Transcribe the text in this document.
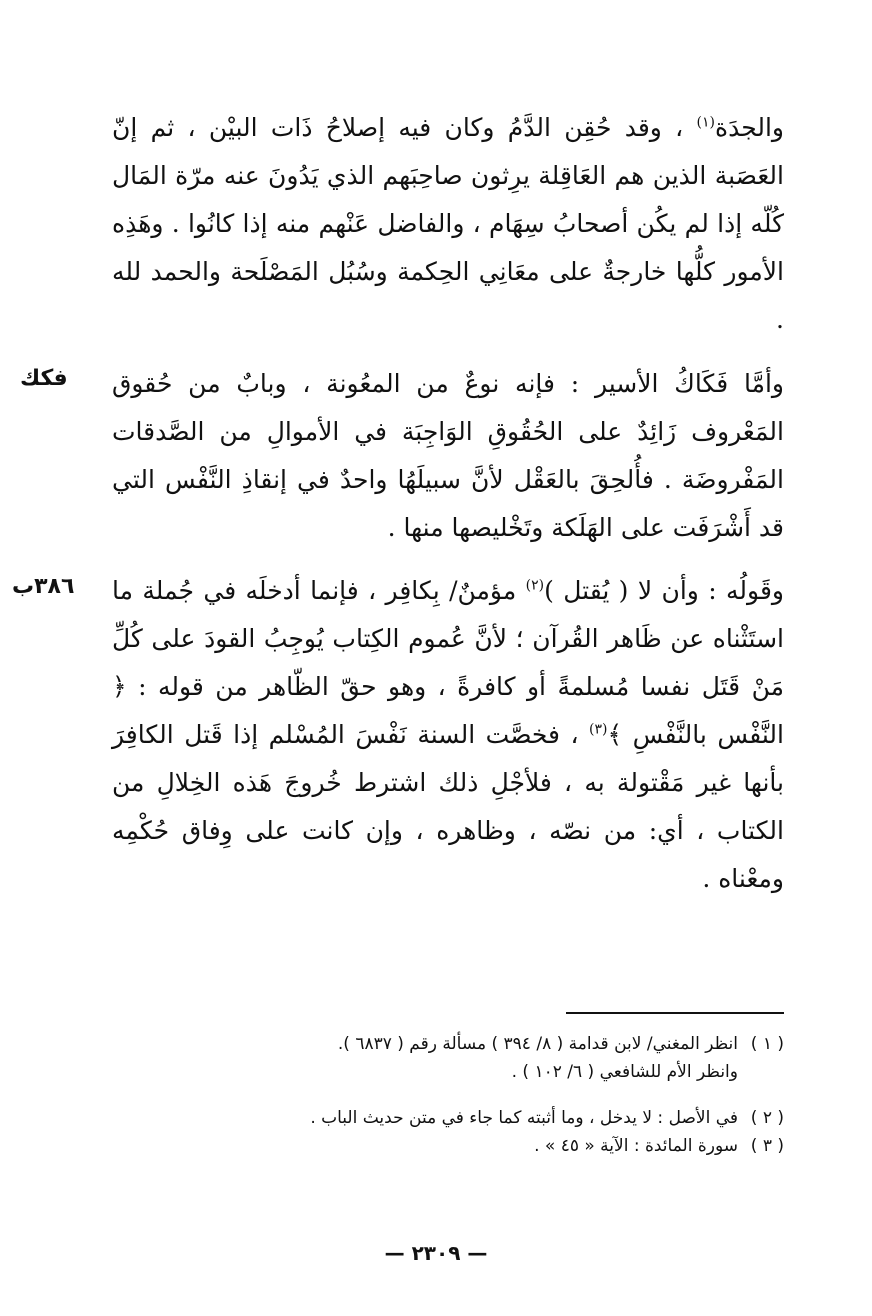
والجدَة$^{(١)}$ ، وقد حُقِن الدَّمُ وكان فيه إصلاحُ ذَات البيْن ، ثم إنّ العَصَبة الذين هم العَاقِلة يرِثون صاحِبَهم الذي يَدُونَ عنه مرّة المَال كُلّه إذا لم يكُن أصحابُ سِهَام ، والفاضل عَنْهم منه إذا كانُوا . وهَذِه الأمور كلُّها خارجةٌ على معَانِي الحِكمة وسُبُل المَصْلَحة والحمد لله .

فكك	وأمَّا فَكَاكُ الأسير : فإنه نوعٌ من المعُونة ، وبابٌ من حُقوق المَعْروف زَائِدٌ على الحُقُوقِ الوَاجِبَة في الأموالِ من الصَّدقات المَفْروضَة . فأُلحِقَ بالعَقْل لأنَّ سبيلَهُا واحدٌ في إنقاذِ النَّفْس التي قد أَشْرَفَت على الهَلَكة وتَخْليصها منها .

٣٨٦ب	وقَولُه : وأن لا ( يُقتل )$^{(٢)}$ مؤمنٌ/ بِكافِر ، فإنما أدخلَه في جُملة ما استَثْناه عن ظَاهر القُرآن ؛ لأنَّ عُموم الكِتاب يُوجِبُ القودَ على كُلِّ مَنْ قَتَل نفسا مُسلمةً أو كافرةً ، وهو حقّ الظّاهر من قوله : ﴿ النَّفْس بالنَّفْسِ ﴾$^{(٣)}$ ، فخصَّت السنة نَفْسَ المُسْلم إذا قَتل الكافِرَ بأنها غير مَقْتولة به ، فلأجْلِ ذلك اشترط خُروجَ هَذه الخِلالِ من الكتاب ، أي: من نصّه ، وظاهره ، وإن كانت على وِفاق حُكْمِه ومعْناه .

( ١ )انظر المغني/ لابن قدامة ( ٨/ ٣٩٤ ) مسألة رقم ( ٦٨٣٧ ).
وانظر الأم للشافعي ( ٦/ ١٠٢ ) .

( ٢ )في الأصل : لا يدخل ، وما أثبته كما جاء في متن حديث الباب .

( ٣ )سورة المائدة : الآية « ٤٥ » .

— ٢٣٠٩ —
